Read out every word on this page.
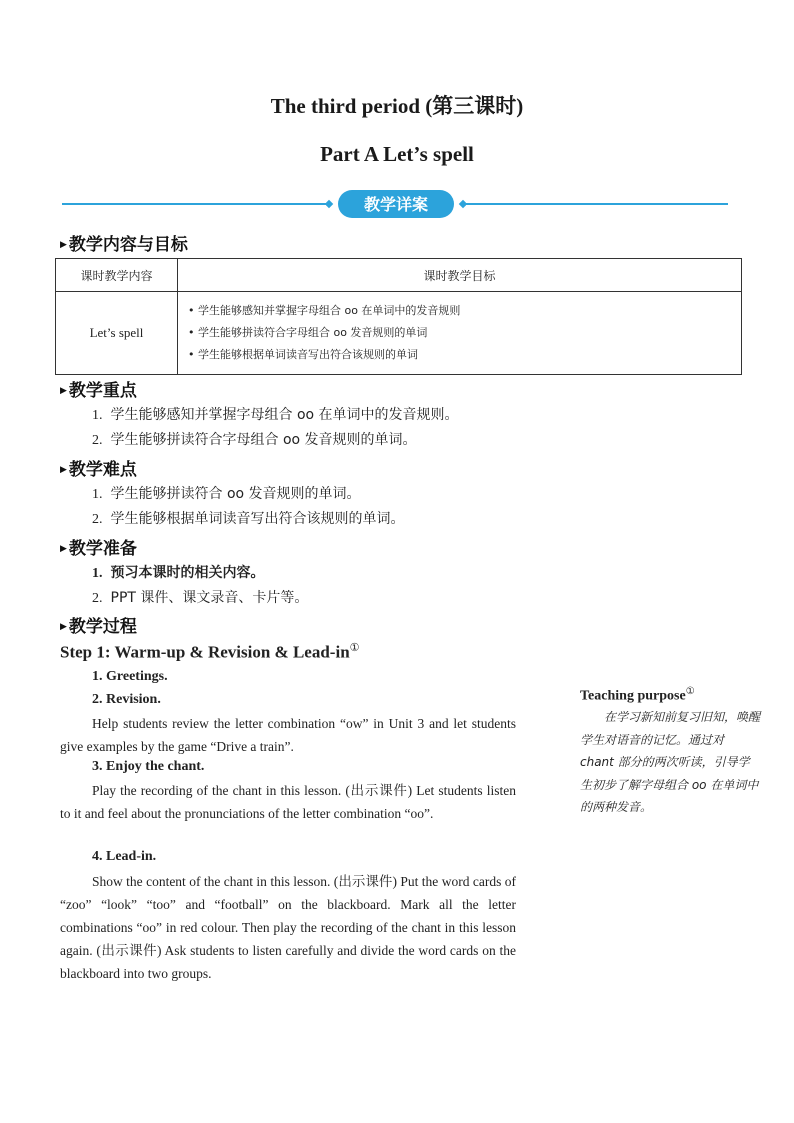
The third period (第三课时)
Part A Let’s spell
教学详案
▶ 教学内容与目标
课时教学内容	课时教学目标
Let’s spell	• 学生能够感知并掌握字母组合 oo 在单词中的发音规则
• 学生能够拼读符合字母组合 oo 发音规则的单词
• 学生能够根据单词读音写出符合该规则的单词
▶ 教学重点
1. 学生能够感知并掌握字母组合 oo 在单词中的发音规则。
2. 学生能够拼读符合字母组合 oo 发音规则的单词。
▶ 教学难点
1. 学生能够拼读符合 oo 发音规则的单词。
2. 学生能够根据单词读音写出符合该规则的单词。
▶ 教学准备
1. 预习本课时的相关内容。
2. PPT 课件、课文录音、卡片等。
▶ 教学过程
Step 1: Warm-up & Revision & Lead-in①
1. Greetings.
2. Revision.
Help students review the letter combination “ow” in Unit 3 and let students give examples by the game “Drive a train”.
3. Enjoy the chant.
Play the recording of the chant in this lesson. (出示课件) Let students listen to it and feel about the pronunciations of the letter combination “oo”.
4. Lead-in.
Show the content of the chant in this lesson. (出示课件) Put the word cards of “zoo” “look” “too” and “football” on the blackboard. Mark all the letter combinations “oo” in red colour. Then play the recording of the chant in this lesson again. (出示课件) Ask students to listen carefully and divide the word cards on the blackboard into two groups.
Teaching purpose①
在学习新知前复习旧知，唤醒学生对语音的记忆。通过对 chant 部分的两次听读，引导学生初步了解字母组合 oo 在单词中的两种发音。
